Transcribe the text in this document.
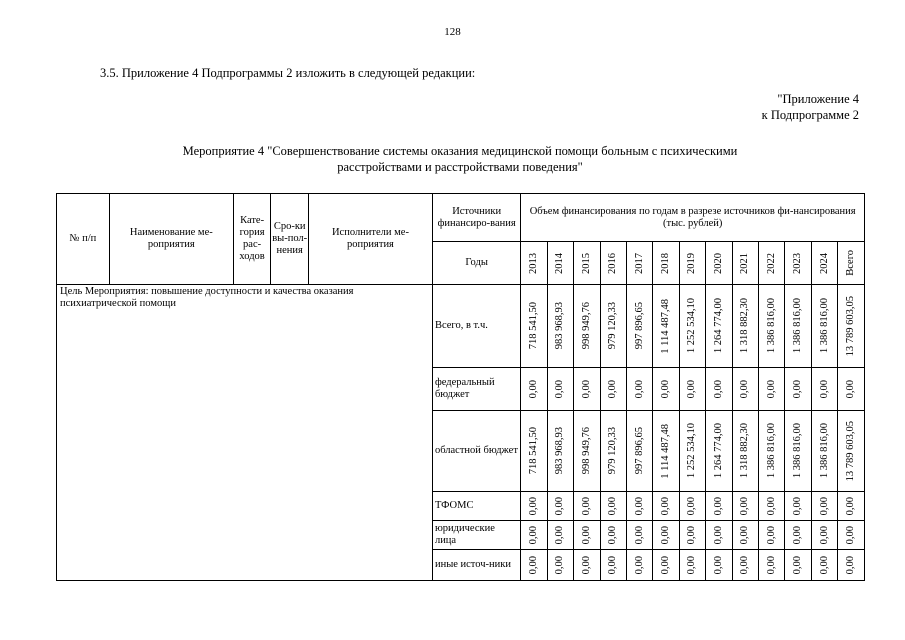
128
3.5. Приложение 4 Подпрограммы 2 изложить в следующей редакции:
"Приложение 4
к Подпрограмме 2
Мероприятие 4 "Совершенствование системы оказания медицинской помощи больным с психическими
расстройствами и расстройствами поведения"
№ п/п	Наименование ме-роприятия	Кате-гория рас-ходов	Сро-ки вы-пол-нения	Исполнители ме-роприятия	Источники финансиро-вания	Объем финансирования по годам в разрезе источников фи-нансирования (тыс. рублей)												
					Годы	2013	2014	2015	2016	2017	2018	2019	2020	2021	2022	2023	2024	Всего

Цель Мероприятия: повышение доступности и качества оказания психиатрической помощи					Всего, в т.ч.	718 541,50	983 968,93	998 949,76	979 120,33	997 896,65	1 114 487,48	1 252 534,10	1 264 774,00	1 318 882,30	1 386 816,00	1 386 816,00	1 386 816,00	13 789 603,05

					федеральный бюджет	0,00	0,00	0,00	0,00	0,00	0,00	0,00	0,00	0,00	0,00	0,00	0,00	0,00

					областной бюджет	718 541,50	983 968,93	998 949,76	979 120,33	997 896,65	1 114 487,48	1 252 534,10	1 264 774,00	1 318 882,30	1 386 816,00	1 386 816,00	1 386 816,00	13 789 603,05

					ТФОМС	0,00	0,00	0,00	0,00	0,00	0,00	0,00	0,00	0,00	0,00	0,00	0,00	0,00

					юридические лица	0,00	0,00	0,00	0,00	0,00	0,00	0,00	0,00	0,00	0,00	0,00	0,00	0,00

					иные источ-ники	0,00	0,00	0,00	0,00	0,00	0,00	0,00	0,00	0,00	0,00	0,00	0,00	0,00
